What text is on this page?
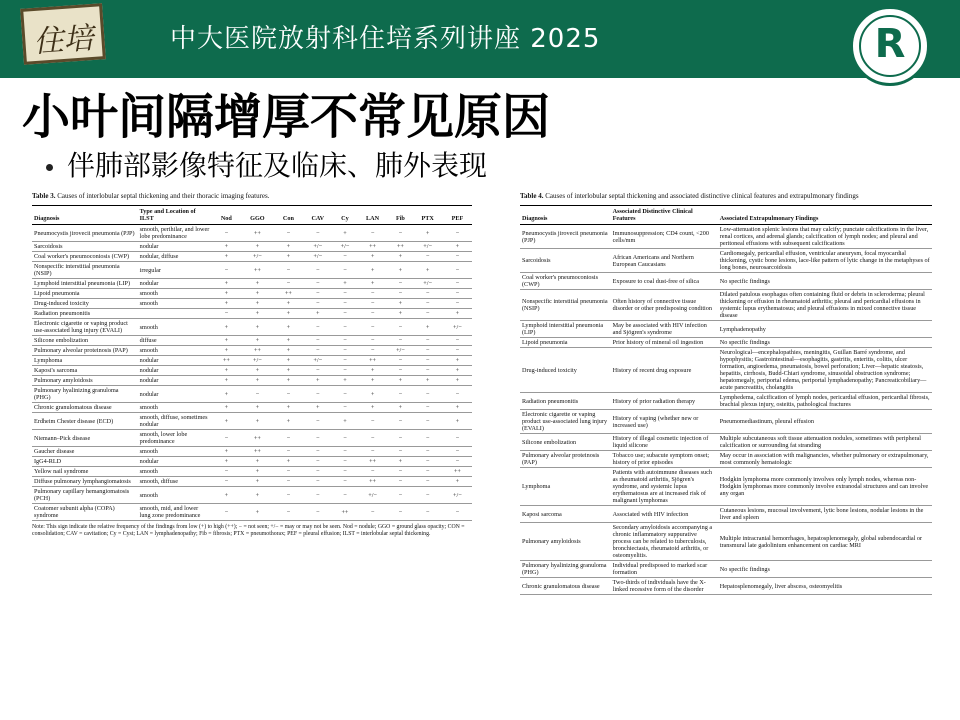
住培	中大医院放射科住培系列讲座 2025	R
小叶间隔增厚不常见原因
伴肺部影像特征及临床、肺外表现

Table 3. Causes of interlobular septal thickening and their thoracic imaging features.

Diagnosis	Type and Location of ILST	Nod	GGO	Con	CAV	Cy	LAN	Fib	PTX	PEF
Pneumocystis jirovecii pneumonia (PJP)	smooth, perihilar, and lower lobe predominance	−	++	−	−	+	−	−	+	−
Sarcoidosis	nodular	+	+	+	+/−	+/−	++	++	+/−	+
Coal worker's pneumoconiosis (CWP)	nodular, diffuse	+	+/−	+	+/−	−	+	+	−	−
Nonspecific interstitial pneumonia (NSIP)	irregular	−	++	−	−	−	+	+	+	−
Lymphoid interstitial pneumonia (LIP)	nodular	+	+	−	−	+	+	−	+/−	−
Lipoid pneumonia	smooth	+	+	++	−	−	−	−	−	−
Drug-induced toxicity	smooth	+	+	+	−	−	−	+	−	−
Radiation pneumonitis		−	+	+	+	−	−	+	−	+
Electronic cigarette or vaping product use-associated lung injury (EVALI)	smooth	+	+	+	−	−	−	−	+	+/−
Silicone embolization	diffuse	+	+	+	−	−	−	−	−	−
Pulmonary alveolar proteinosis (PAP)	smooth	+	++	+	−	−	−	+/−	−	−
Lymphoma	nodular	++	+/−	+	+/−	−	++	−	−	+
Kaposi's sarcoma	nodular	+	+	+	−	−	+	−	−	+
Pulmonary amyloidosis	nodular	+	+	+	+	+	+	+	+	+
Pulmonary hyalinizing granuloma (PHG)	nodular	+	−	−	−	−	+	−	−	−
Chronic granulomatous disease	smooth	+	+	+	+	−	+	+	−	+
Erdheim Chester disease (ECD)	smooth, diffuse, sometimes nodular	+	+	+	−	+	−	−	−	+
Niemann–Pick disease	smooth, lower lobe predominance	−	++	−	−	−	−	−	−	−
Gaucher disease	smooth	+	++	−	−	−	−	−	−	−
IgG4-RLD	nodular	+	+	+	−	−	++	+	−	−
Yellow nail syndrome	smooth	−	+	−	−	−	−	−	−	++
Diffuse pulmonary lymphangiomatosis	smooth, diffuse	−	+	−	−	−	++	−	−	+
Pulmonary capillary hemangiomatosis (PCH)	smooth	+	+	−	−	−	+/−	−	−	+/−
Coatomer subunit alpha (COPA) syndrome	smooth, mid, and lower lung zone predominance	−	+	−	−	++	−	−	−	−
Note: This sign indicate the relative frequency of the findings from low (+) to high (++); − = not seen; +/− = may or may not be seen. Nod = nodule; GGO = ground glass opacity; CON = consolidation; CAV = cavitation; Cy = Cyst; LAN = lymphadenopathy; Fib = fibrosis; PTX = pneumothorax; PEF = pleural effusion; ILST = interlobular septal thickening.

Table 4. Causes of interlobular septal thickening and associated distinctive clinical features and extrapulmonary findings

Diagnosis	Associated Distinctive Clinical Features	Associated Extrapulmonary Findings
Pneumocystis jirovecii pneumonia (PJP)	Immunosuppression; CD4 count, <200 cells/mm	Low-attenuation splenic lesions that may calcify; punctate calcifications in the liver, renal cortices, and adrenal glands; calcification of lymph nodes; and pleural and peritoneal effusions with subsequent calcifications
Sarcoidosis	African Americans and Northern European Caucasians	Cardiomegaly, pericardial effusion, ventricular aneurysm, focal myocardial thickening, cystic bone lesions, lace-like pattern of lytic change in the metaphyses of long bones, neurosarcoidosis
Coal worker's pneumoconiosis (CWP)	Exposure to coal dust-free of silica	No specific findings
Nonspecific interstitial pneumonia (NSIP)	Often history of connective tissue disorder or other predisposing condition	Dilated patulous esophagus often containing fluid or debris in scleroderma; pleural thickening or effusion in rheumatoid arthritis; pleural and pericardial effusions in systemic lupus erythematosus; and pleural effusions in mixed connective tissue disease
Lymphoid interstitial pneumonia (LIP)	May be associated with HIV infection and Sjögren's syndrome	Lymphadenopathy
Lipoid pneumonia	Prior history of mineral oil ingestion	No specific findings
Drug-induced toxicity	History of recent drug exposure	Neurological—encephalopathies, meningitis, Guillan Barré syndrome, and hypophysitis; Gastrointestinal—esophagitis, gastritis, enteritis, colitis, ulcer formation, angioedema, pneumatosis, bowel perforation; Liver—hepatic steatosis, hepatitis, cirrhosis, Budd-Chiari syndrome, sinusoidal obstruction syndrome; hepatomegaly, periportal edema, periportal lymphadenopathy; Pancreaticobiliary—acute pancreatitis, cholangitis
Radiation pneumonitis	History of prior radiation therapy	Lymphedema, calcification of lymph nodes, pericardial effusion, pericardial fibrosis, brachial plexus injury, osteitis, pathological fractures
Electronic cigarette or vaping product use-associated lung injury (EVALI)	History of vaping (whether new or increased use)	Pneumomediastinum, pleural effusion
Silicone embolization	History of illegal cosmetic injection of liquid silicone	Multiple subcutaneous soft tissue attenuation nodules, sometimes with peripheral calcification or surrounding fat stranding
Pulmonary alveolar proteinosis (PAP)	Tobacco use; subacute symptom onset; history of prior episodes	May occur in association with malignancies, whether pulmonary or extrapulmonary, most commonly hematologic
Lymphoma	Patients with autoimmune diseases such as rheumatoid arthritis, Sjögren's syndrome, and systemic lupus erythematosus are at increased risk of malignant lymphomas	Hodgkin lymphoma more commonly involves only lymph nodes, whereas non-Hodgkin lymphomas more commonly involve extranodal structures and can involve any organ
Kaposi sarcoma	Associated with HIV infection	Cutaneous lesions, mucosal involvement, lytic bone lesions, nodular lesions in the liver and spleen
Pulmonary amyloidosis	Secondary amyloidosis accompanying a chronic inflammatory suppurative process can be related to tuberculosis, bronchiectasis, rheumatoid arthritis, or osteomyelitis.	Multiple intracranial hemorrhages, hepatosplenomegaly, global subendocardial or transmural late gadolinium enhancement on cardiac MRI
Pulmonary hyalinizing granuloma (PHG)	Individual predisposed to marked scar formation	No specific findings
Chronic granulomatous disease	Two-thirds of individuals have the X-linked recessive form of the disorder	Hepatosplenomegaly, liver abscess, osteomyelitis
